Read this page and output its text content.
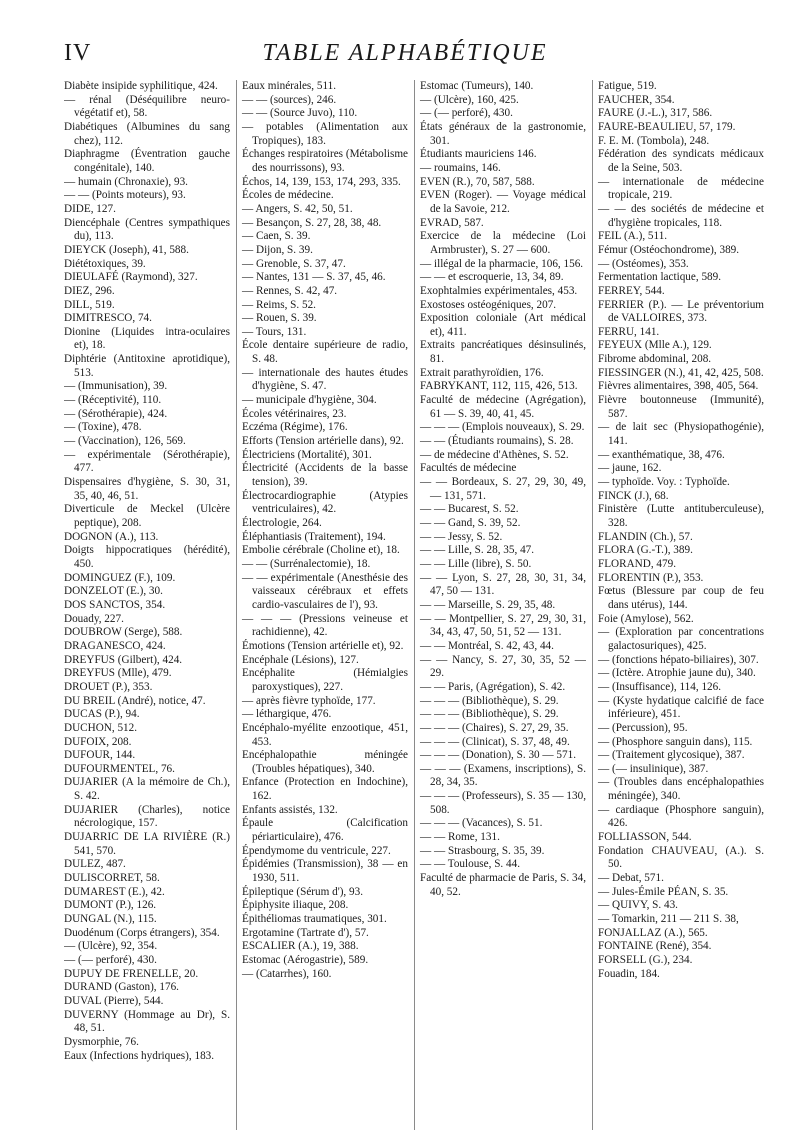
IV	TABLE ALPHABÉTIQUE

Diabète insipide syphilitique, 424.

— rénal (Déséquilibre neuro-végétatif et), 58.

Diabétiques (Albumines du sang chez), 112.

Diaphragme (Éventration gauche congénitale), 140.

— humain (Chronaxie), 93.

— — (Points moteurs), 93.

DIDE, 127.

Diencéphale (Centres sympathiques du), 113.

DIEYCK (Joseph), 41, 588.

Diététoxiques, 39.

DIEULAFÉ (Raymond), 327.

DIEZ, 296.

DILL, 519.

DIMITRESCO, 74.

Dionine (Liquides intra-oculaires et), 18.

Diphtérie (Antitoxine aprotidique), 513.

— (Immunisation), 39.

— (Réceptivité), 110.

— (Sérothérapie), 424.

— (Toxine), 478.

— (Vaccination), 126, 569.

— expérimentale (Sérothérapie), 477.

Dispensaires d'hygiène, S. 30, 31, 35, 40, 46, 51.

Diverticule de Meckel (Ulcère peptique), 208.

DOGNON (A.), 113.

Doigts hippocratiques (hérédité), 450.

DOMINGUEZ (F.), 109.

DONZELOT (E.), 30.

DOS SANCTOS, 354.

Douady, 227.

DOUBROW (Serge), 588.

DRAGANESCO, 424.

DREYFUS (Gilbert), 424.

DREYFUS (Mlle), 479.

DROUET (P.), 353.

DU BREIL (André), notice, 47.

DUCAS (P.), 94.

DUCHON, 512.

DUFOIX, 208.

DUFOUR, 144.

DUFOURMENTEL, 76.

DUJARIER (A la mémoire de Ch.), S. 42.

DUJARIER (Charles), notice nécrologique, 157.

DUJARRIC DE LA RIVIÈRE (R.) 541, 570.

DULEZ, 487.

DULISCORRET, 58.

DUMAREST (E.), 42.

DUMONT (P.), 126.

DUNGAL (N.), 115.

Duodénum (Corps étrangers), 354.

— (Ulcère), 92, 354.

— (— perforé), 430.

DUPUY DE FRENELLE, 20.

DURAND (Gaston), 176.

DUVAL (Pierre), 544.

DUVERNY (Hommage au Dr), S. 48, 51.

Dysmorphie, 76.

Eaux (Infections hydriques), 183.

Eaux minérales, 511.

— — (sources), 246.

— — (Source Juvo), 110.

— potables (Alimentation aux Tropiques), 183.

Échanges respiratoires (Métabolisme des nourrissons), 93.

Échos, 14, 139, 153, 174, 293, 335.

Écoles de médecine.

— Angers, S. 42, 50, 51.

— Besançon, S. 27, 28, 38, 48.

— Caen, S. 39.

— Dijon, S. 39.

— Grenoble, S. 37, 47.

— Nantes, 131 — S. 37, 45, 46.

— Rennes, S. 42, 47.

— Reims, S. 52.

— Rouen, S. 39.

— Tours, 131.

École dentaire supérieure de radio, S. 48.

— internationale des hautes études d'hygiène, S. 47.

— municipale d'hygiène, 304.

Écoles vétérinaires, 23.

Eczéma (Régime), 176.

Efforts (Tension artérielle dans), 92.

Électriciens (Mortalité), 301.

Électricité (Accidents de la basse tension), 39.

Électrocardiographie (Atypies ventriculaires), 42.

Électrologie, 264.

Éléphantiasis (Traitement), 194.

Embolie cérébrale (Choline et), 18.

— — (Surrénalectomie), 18.

— — expérimentale (Anesthésie des vaisseaux cérébraux et effets cardio-vasculaires de l'), 93.

— — — (Pressions veineuse et rachidienne), 42.

Émotions (Tension artérielle et), 92.

Encéphale (Lésions), 127.

Encéphalite (Hémialgies paroxystiques), 227.

— après fièvre typhoïde, 177.

— léthargique, 476.

Encéphalo-myélite enzootique, 451, 453.

Encéphalopathie méningée (Troubles hépatiques), 340.

Enfance (Protection en Indochine), 162.

Enfants assistés, 132.

Épaule (Calcification périarticulaire), 476.

Épendymome du ventricule, 227.

Épidémies (Transmission), 38 — en 1930, 511.

Épileptique (Sérum d'), 93.

Épiphysite iliaque, 208.

Épithéliomas traumatiques, 301.

Ergotamine (Tartrate d'), 57.

ESCALIER (A.), 19, 388.

Estomac (Aérogastrie), 589.

— (Catarrhes), 160.

Estomac (Tumeurs), 140.

— (Ulcère), 160, 425.

— (— perforé), 430.

États généraux de la gastronomie, 301.

Étudiants mauriciens 146.

— roumains, 146.

EVEN (R.), 70, 587, 588.

EVEN (Roger). — Voyage médical de la Savoie, 212.

EVRAD, 587.

Exercice de la médecine (Loi Armbruster), S. 27 — 600.

— illégal de la pharmacie, 106, 156.

— — et escroquerie, 13, 34, 89.

Exophtalmies expérimentales, 453.

Exostoses ostéogéniques, 207.

Exposition coloniale (Art médical et), 411.

Extraits pancréatiques désinsulinés, 81.

Extrait parathyroïdien, 176.

FABRYKANT, 112, 115, 426, 513.

Faculté de médecine (Agrégation), 61 — S. 39, 40, 41, 45.

— — — (Emplois nouveaux), S. 29.

— — (Étudiants roumains), S. 28.

— de médecine d'Athènes, S. 52.

Facultés de médecine

— — Bordeaux, S. 27, 29, 30, 49, — 131, 571.

— — Bucarest, S. 52.

— — Gand, S. 39, 52.

— — Jessy, S. 52.

— — Lille, S. 28, 35, 47.

— — Lille (libre), S. 50.

— — Lyon, S. 27, 28, 30, 31, 34, 47, 50 — 131.

— — Marseille, S. 29, 35, 48.

— — Montpellier, S. 27, 29, 30, 31, 34, 43, 47, 50, 51, 52 — 131.

— — Montréal, S. 42, 43, 44.

— — Nancy, S. 27, 30, 35, 52 — 29.

— — Paris, (Agrégation), S. 42.

— — — (Bibliothèque), S. 29.

— — — (Bibliothèque), S. 29.

— — — (Chaires), S. 27, 29, 35.

— — — (Clinicat), S. 37, 48, 49.

— — — (Donation), S. 30 — 571.

— — — (Examens, inscriptions), S. 28, 34, 35.

— — — (Professeurs), S. 35 — 130, 508.

— — — (Vacances), S. 51.

— — Rome, 131.

— — Strasbourg, S. 35, 39.

— — Toulouse, S. 44.

Faculté de pharmacie de Paris, S. 34, 40, 52.

Fatigue, 519.

FAUCHER, 354.

FAURE (J.-L.), 317, 586.

FAURE-BEAULIEU, 57, 179.

F. E. M. (Tombola), 248.

Fédération des syndicats médicaux de la Seine, 503.

— internationale de médecine tropicale, 219.

— — des sociétés de médecine et d'hygiène tropicales, 118.

FEIL (A.), 511.

Fémur (Ostéochondrome), 389.

— (Ostéomes), 353.

Fermentation lactique, 589.

FERREY, 544.

FERRIER (P.). — Le préventorium de VALLOIRES, 373.

FERRU, 141.

FEYEUX (Mlle A.), 129.

Fibrome abdominal, 208.

FIESSINGER (N.), 41, 42, 425, 508.

Fièvres alimentaires, 398, 405, 564.

Fièvre boutonneuse (Immunité), 587.

— de lait sec (Physiopathogénie), 141.

— exanthématique, 38, 476.

— jaune, 162.

— typhoïde. Voy. : Typhoïde.

FINCK (J.), 68.

Finistère (Lutte antituberculeuse), 328.

FLANDIN (Ch.), 57.

FLORA (G.-T.), 389.

FLORAND, 479.

FLORENTIN (P.), 353.

Fœtus (Blessure par coup de feu dans utérus), 144.

Foie (Amylose), 562.

— (Exploration par concentrations galactosuriques), 425.

— (fonctions hépato-biliaires), 307.

— (Ictère. Atrophie jaune du), 340.

— (Insuffisance), 114, 126.

— (Kyste hydatique calcifié de face inférieure), 451.

— (Percussion), 95.

— (Phosphore sanguin dans), 115.

— (Traitement glycosique), 387.

— (— insulinique), 387.

— (Troubles dans encéphalopathies méningée), 340.

— cardiaque (Phosphore sanguin), 426.

FOLLIASSON, 544.

Fondation CHAUVEAU, (A.). S. 50.

— Debat, 571.

— Jules-Émile PÉAN, S. 35.

— QUIVY, S. 43.

— Tomarkin, 211 — 211 S. 38,

FONJALLAZ (A.), 565.

FONTAINE (René), 354.

FORSELL (G.), 234.

Fouadin, 184.
